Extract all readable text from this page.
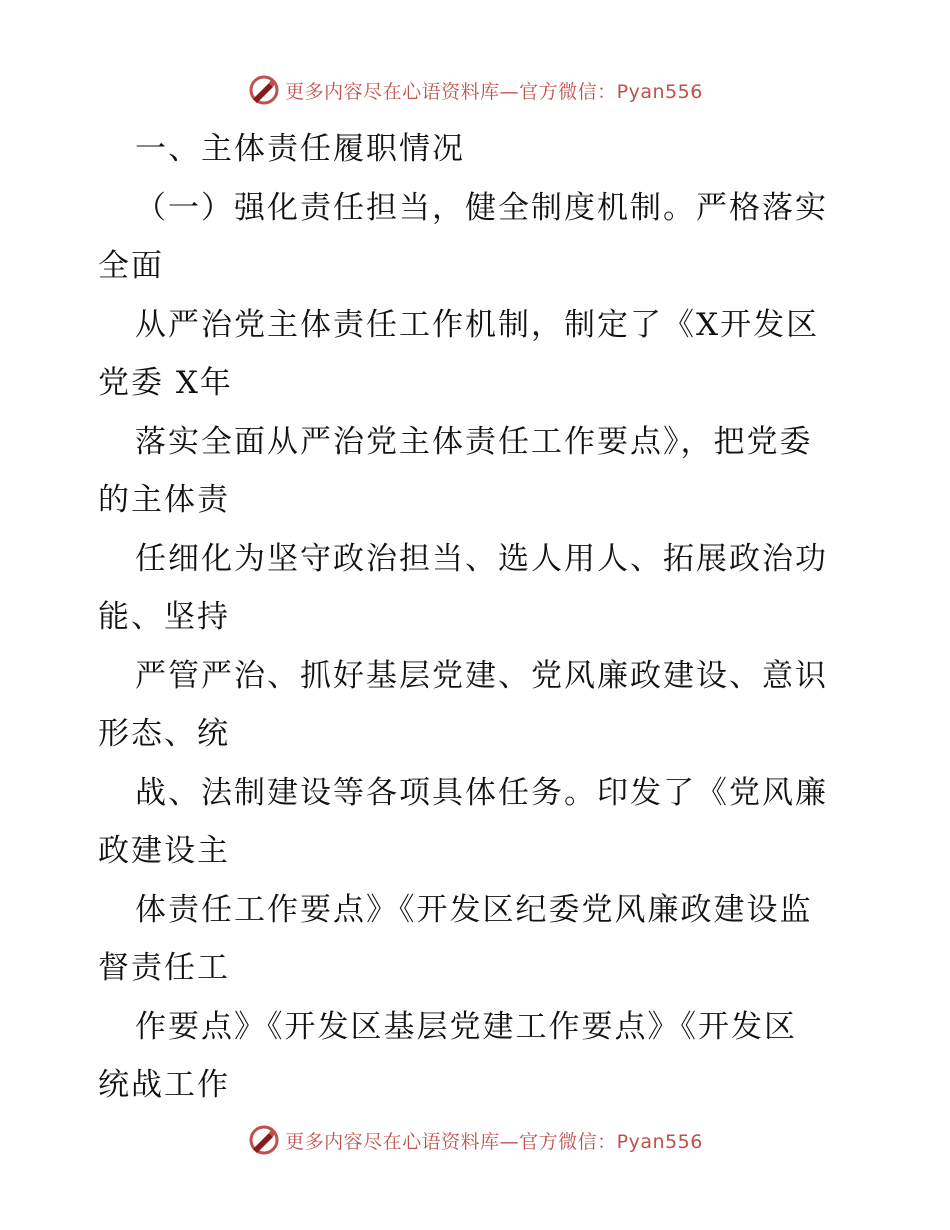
更多内容尽在心语资料库—官方微信：Pyan556
一、主体责任履职情况
（一）强化责任担当，健全制度机制。严格落实
全面
从严治党主体责任工作机制，制定了《X开发区
党委 X年
落实全面从严治党主体责任工作要点》，把党委
的主体责
任细化为坚守政治担当、选人用人、拓展政治功
能、坚持
严管严治、抓好基层党建、党风廉政建设、意识
形态、统
战、法制建设等各项具体任务。印发了《党风廉
政建设主
体责任工作要点》《开发区纪委党风廉政建设监
督责任工
作要点》《开发区基层党建工作要点》《开发区
统战工作
更多内容尽在心语资料库—官方微信：Pyan556
